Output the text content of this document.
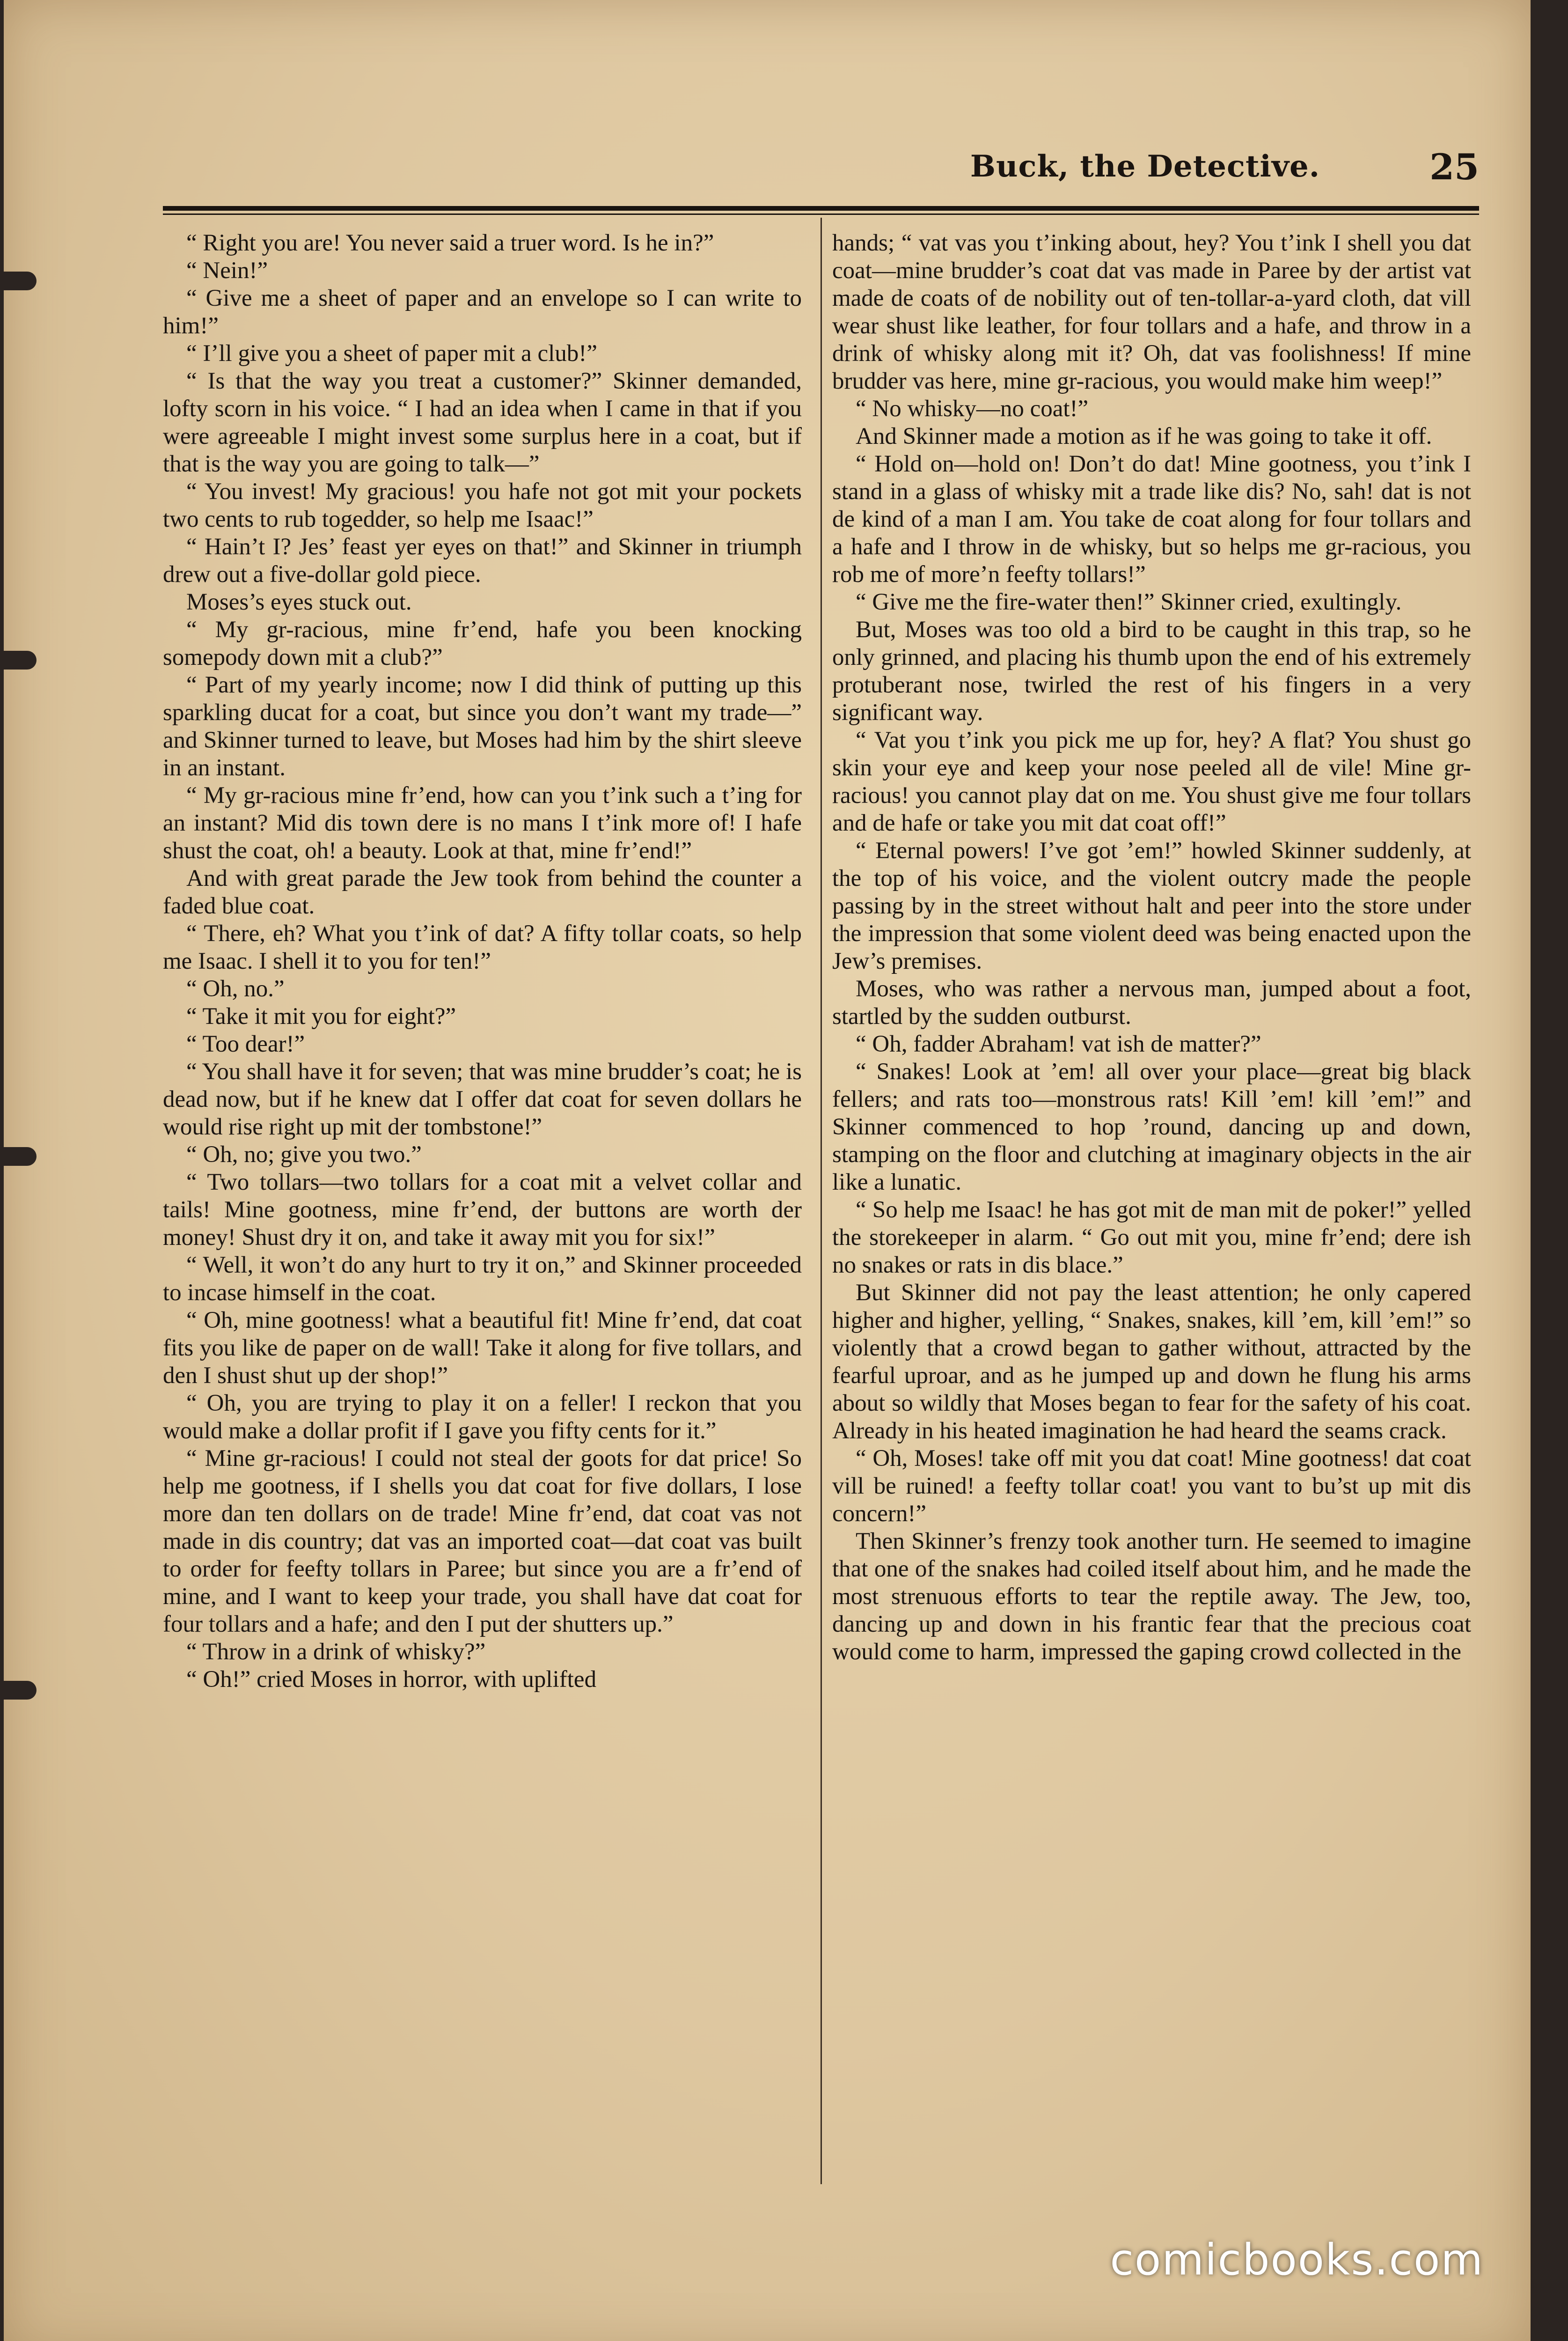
Buck, the Detective.	25

“ Right you are! You never said a truer word. Is he in?”

“ Nein!”

“ Give me a sheet of paper and an envelope so I can write to him!”

“ I’ll give you a sheet of paper mit a club!”

“ Is that the way you treat a customer?” Skinner demanded, lofty scorn in his voice. “ I had an idea when I came in that if you were agreeable I might invest some surplus here in a coat, but if that is the way you are going to talk—”

“ You invest! My gracious! you hafe not got mit your pockets two cents to rub togedder, so help me Isaac!”

“ Hain’t I? Jes’ feast yer eyes on that!” and Skinner in triumph drew out a five-dollar gold piece.

Moses’s eyes stuck out.

“ My gr-racious, mine fr’end, hafe you been knocking somepody down mit a club?”

“ Part of my yearly income; now I did think of putting up this sparkling ducat for a coat, but since you don’t want my trade—” and Skinner turned to leave, but Moses had him by the shirt sleeve in an instant.

“ My gr-racious mine fr’end, how can you t’ink such a t’ing for an instant? Mid dis town dere is no mans I t’ink more of! I hafe shust the coat, oh! a beauty. Look at that, mine fr’end!”

And with great parade the Jew took from behind the counter a faded blue coat.

“ There, eh? What you t’ink of dat? A fifty tollar coats, so help me Isaac. I shell it to you for ten!”

“ Oh, no.”

“ Take it mit you for eight?”

“ Too dear!”

“ You shall have it for seven; that was mine brudder’s coat; he is dead now, but if he knew dat I offer dat coat for seven dollars he would rise right up mit der tombstone!”

“ Oh, no; give you two.”

“ Two tollars—two tollars for a coat mit a velvet collar and tails! Mine gootness, mine fr’end, der buttons are worth der money! Shust dry it on, and take it away mit you for six!”

“ Well, it won’t do any hurt to try it on,” and Skinner proceeded to incase himself in the coat.

“ Oh, mine gootness! what a beautiful fit! Mine fr’end, dat coat fits you like de paper on de wall! Take it along for five tollars, and den I shust shut up der shop!”

“ Oh, you are trying to play it on a feller! I reckon that you would make a dollar profit if I gave you fifty cents for it.”

“ Mine gr-racious! I could not steal der goots for dat price! So help me gootness, if I shells you dat coat for five dollars, I lose more dan ten dollars on de trade! Mine fr’end, dat coat vas not made in dis country; dat vas an imported coat—dat coat vas built to order for feefty tollars in Paree; but since you are a fr’end of mine, and I want to keep your trade, you shall have dat coat for four tollars and a hafe; and den I put der shutters up.”

“ Throw in a drink of whisky?”

“ Oh!” cried Moses in horror, with uplifted

hands; “ vat vas you t’inking about, hey? You t’ink I shell you dat coat—mine brudder’s coat dat vas made in Paree by der artist vat made de coats of de nobility out of ten-tollar-a-yard cloth, dat vill wear shust like leather, for four tollars and a hafe, and throw in a drink of whisky along mit it? Oh, dat vas foolishness! If mine brudder vas here, mine gr-racious, you would make him weep!”

“ No whisky—no coat!”

And Skinner made a motion as if he was going to take it off.

“ Hold on—hold on! Don’t do dat! Mine gootness, you t’ink I stand in a glass of whisky mit a trade like dis? No, sah! dat is not de kind of a man I am. You take de coat along for four tollars and a hafe and I throw in de whisky, but so helps me gr-racious, you rob me of more’n feefty tollars!”

“ Give me the fire-water then!” Skinner cried, exultingly.

But, Moses was too old a bird to be caught in this trap, so he only grinned, and placing his thumb upon the end of his extremely protuberant nose, twirled the rest of his fingers in a very significant way.

“ Vat you t’ink you pick me up for, hey? A flat? You shust go skin your eye and keep your nose peeled all de vile! Mine gr-racious! you cannot play dat on me. You shust give me four tollars and de hafe or take you mit dat coat off!”

“ Eternal powers! I’ve got ’em!” howled Skinner suddenly, at the top of his voice, and the violent outcry made the people passing by in the street without halt and peer into the store under the impression that some violent deed was being enacted upon the Jew’s premises.

Moses, who was rather a nervous man, jumped about a foot, startled by the sudden outburst.

“ Oh, fadder Abraham! vat ish de matter?”

“ Snakes! Look at ’em! all over your place—great big black fellers; and rats too—monstrous rats! Kill ’em! kill ’em!” and Skinner commenced to hop ’round, dancing up and down, stamping on the floor and clutching at imaginary objects in the air like a lunatic.

“ So help me Isaac! he has got mit de man mit de poker!” yelled the storekeeper in alarm. “ Go out mit you, mine fr’end; dere ish no snakes or rats in dis blace.”

But Skinner did not pay the least attention; he only capered higher and higher, yelling, “ Snakes, snakes, kill ’em, kill ’em!” so violently that a crowd began to gather without, attracted by the fearful uproar, and as he jumped up and down he flung his arms about so wildly that Moses began to fear for the safety of his coat. Already in his heated imagination he had heard the seams crack.

“ Oh, Moses! take off mit you dat coat! Mine gootness! dat coat vill be ruined! a feefty tollar coat! you vant to bu’st up mit dis concern!”

Then Skinner’s frenzy took another turn. He seemed to imagine that one of the snakes had coiled itself about him, and he made the most strenuous efforts to tear the reptile away. The Jew, too, dancing up and down in his frantic fear that the precious coat would come to harm, impressed the gaping crowd collected in the

comicbooks.com
